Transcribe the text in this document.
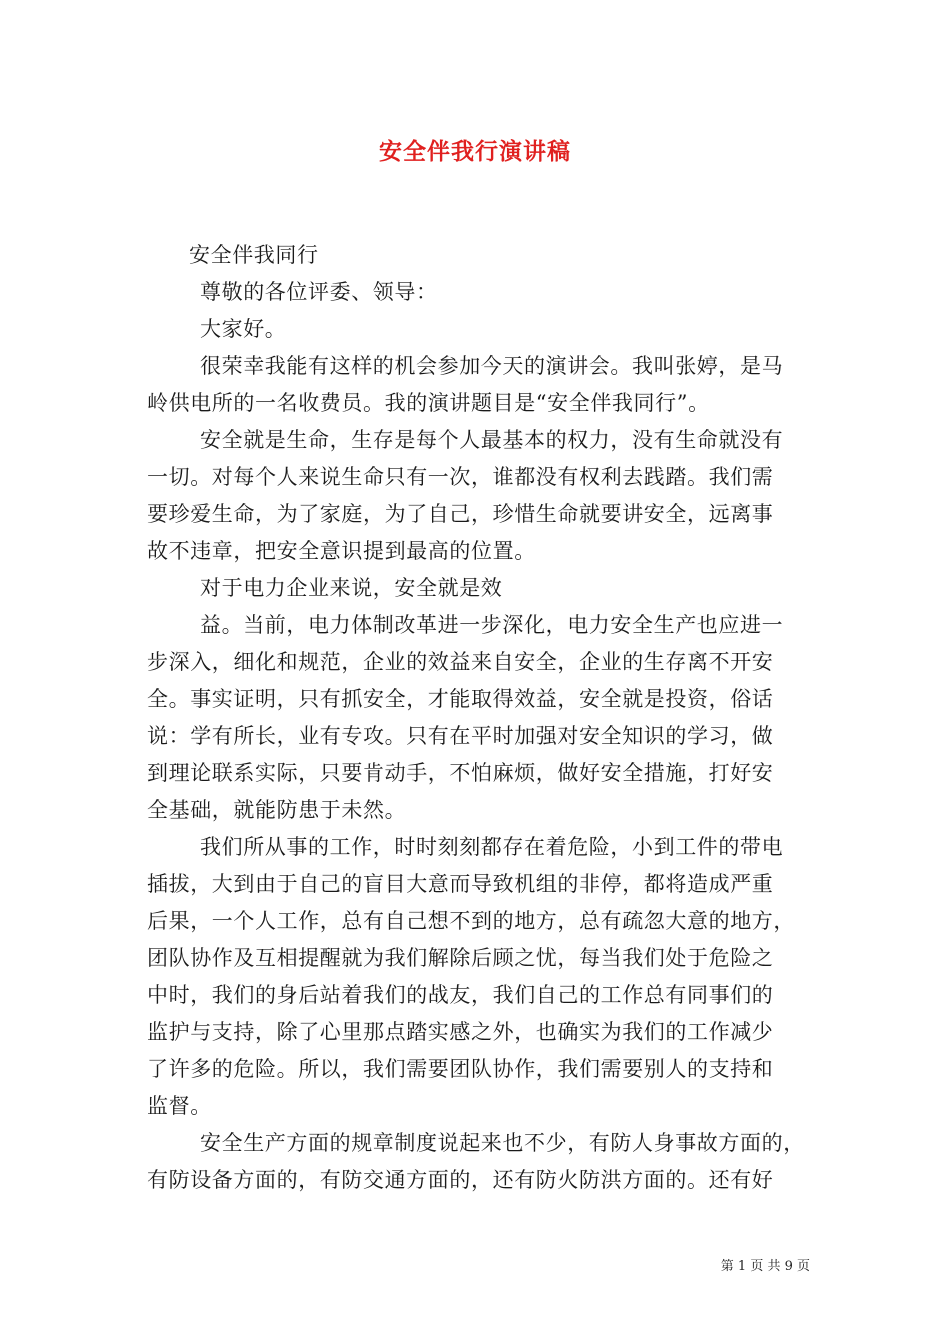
安全伴我行演讲稿
安全伴我同行
尊敬的各位评委、领导：
大家好。
很荣幸我能有这样的机会参加今天的演讲会。我叫张婷，是马
岭供电所的一名收费员。我的演讲题目是“安全伴我同行”。
安全就是生命，生存是每个人最基本的权力，没有生命就没有
一切。对每个人来说生命只有一次，谁都没有权利去践踏。我们需
要珍爱生命，为了家庭，为了自己，珍惜生命就要讲安全，远离事
故不违章，把安全意识提到最高的位置。
对于电力企业来说，安全就是效
益。当前，电力体制改革进一步深化，电力安全生产也应进一
步深入，细化和规范，企业的效益来自安全，企业的生存离不开安
全。事实证明，只有抓安全，才能取得效益，安全就是投资，俗话
说：学有所长，业有专攻。只有在平时加强对安全知识的学习，做
到理论联系实际，只要肯动手，不怕麻烦，做好安全措施，打好安
全基础，就能防患于未然。
我们所从事的工作，时时刻刻都存在着危险，小到工件的带电
插拔，大到由于自己的盲目大意而导致机组的非停，都将造成严重
后果，一个人工作，总有自己想不到的地方，总有疏忽大意的地方，
团队协作及互相提醒就为我们解除后顾之忧，每当我们处于危险之
中时，我们的身后站着我们的战友，我们自己的工作总有同事们的
监护与支持，除了心里那点踏实感之外，也确实为我们的工作减少
了许多的危险。所以，我们需要团队协作，我们需要别人的支持和
监督。
安全生产方面的规章制度说起来也不少，有防人身事故方面的，
有防设备方面的，有防交通方面的，还有防火防洪方面的。还有好
第 1 页 共 9 页
